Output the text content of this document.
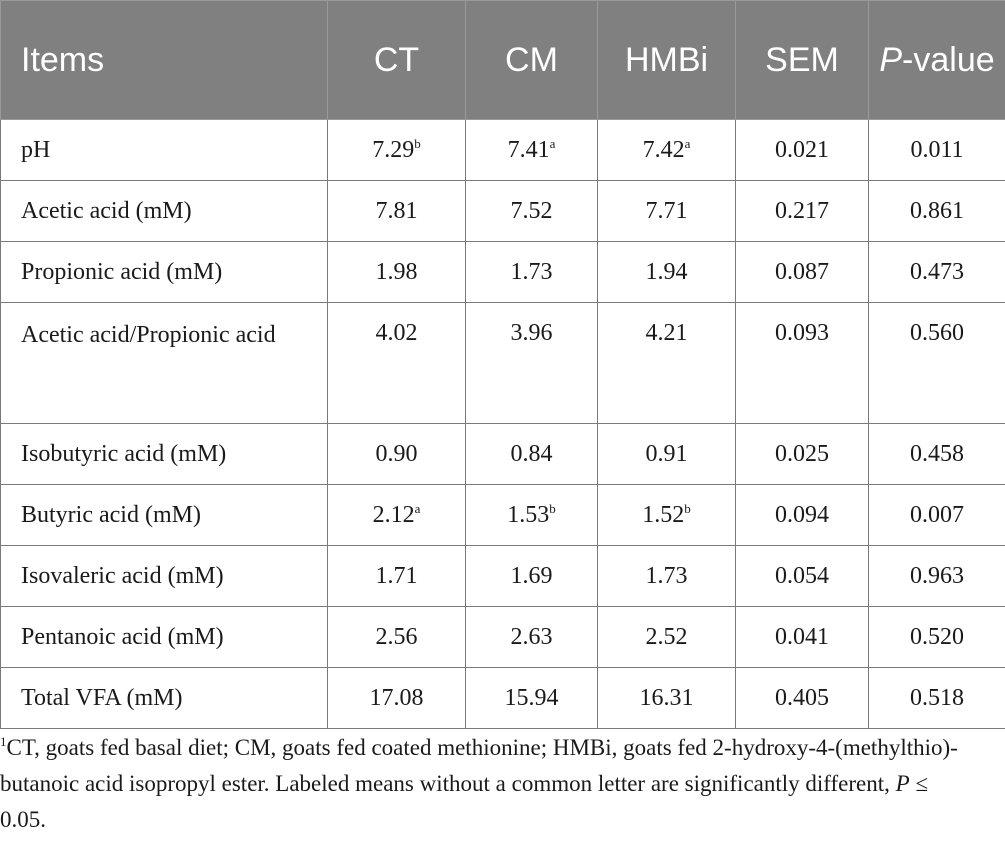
Items	CT	CM	HMBi	SEM	P-value
pH	7.29$^b$	7.41$^a$	7.42$^a$	0.021	0.011
Acetic acid (mM)	7.81	7.52	7.71	0.217	0.861
Propionic acid (mM)	1.98	1.73	1.94	0.087	0.473
Acetic acid/Propionic acid	4.02	3.96	4.21	0.093	0.560
Isobutyric acid (mM)	0.90	0.84	0.91	0.025	0.458
Butyric acid (mM)	2.12$^a$	1.53$^b$	1.52$^b$	0.094	0.007
Isovaleric acid (mM)	1.71	1.69	1.73	0.054	0.963
Pentanoic acid (mM)	2.56	2.63	2.52	0.041	0.520
Total VFA (mM)	17.08	15.94	16.31	0.405	0.518
$^1$CT, goats fed basal diet; CM, goats fed coated methionine; HMBi, goats fed 2-hydroxy-4-(methylthio)-butanoic acid isopropyl ester. Labeled means without a common letter are significantly different, P ≤ 0.05.
